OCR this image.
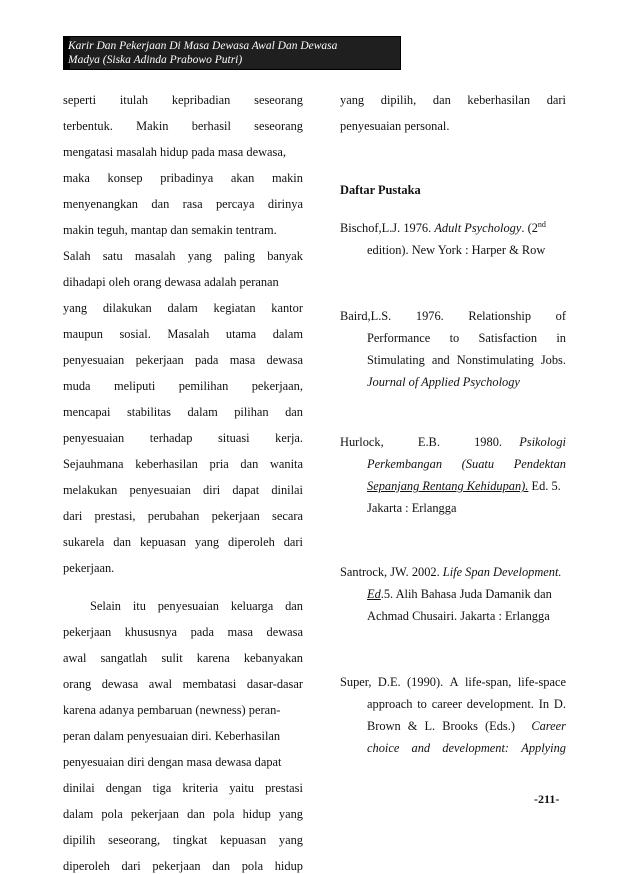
Karir Dan Pekerjaan Di Masa Dewasa Awal Dan Dewasa
Madya (Siska Adinda Prabowo Putri)
seperti itulah kepribadian seseorang
terbentuk. Makin berhasil seseorang
mengatasi masalah hidup pada masa dewasa,
maka konsep pribadinya akan makin
menyenangkan dan rasa percaya dirinya
makin teguh, mantap dan semakin tentram.
Salah satu masalah yang paling banyak
dihadapi oleh orang dewasa adalah peranan
yang dilakukan dalam kegiatan kantor
maupun sosial. Masalah utama dalam
penyesuaian pekerjaan pada masa dewasa
muda meliputi pemilihan pekerjaan,
mencapai stabilitas dalam pilihan dan
penyesuaian terhadap situasi kerja.
Sejauhmana keberhasilan pria dan wanita
melakukan penyesuaian diri dapat dinilai
dari prestasi, perubahan pekerjaan secara
sukarela dan kepuasan yang diperoleh dari
pekerjaan.
Selain itu penyesuaian keluarga dan
pekerjaan khususnya pada masa dewasa
awal sangatlah sulit karena kebanyakan
orang dewasa awal membatasi dasar-dasar
karena adanya pembaruan (newness) peran-
peran dalam penyesuaian diri. Keberhasilan
penyesuaian diri dengan masa dewasa dapat
dinilai dengan tiga kriteria yaitu prestasi
dalam pola pekerjaan dan pola hidup yang
dipilih seseorang, tingkat kepuasan yang
diperoleh dari pekerjaan dan pola hidup
yang dipilih, dan keberhasilan dari
penyesuaian personal.
Daftar Pustaka
Bischof,L.J. 1976. Adult Psychology. (2nd
edition). New York : Harper & Row
Baird,L.S. 1976. Relationship of
Performance to Satisfaction in
Stimulating and Nonstimulating Jobs.
Journal of Applied Psychology
Hurlock,	E.B.	1980. Psikologi
Perkembangan (Suatu Pendektan
Sepanjang Rentang Kehidupan). Ed. 5.
Jakarta : Erlangga
Santrock, JW. 2002. Life Span Development.
Ed.5. Alih Bahasa Juda Damanik dan
Achmad Chusairi. Jakarta : Erlangga
Super, D.E. (1990). A life-span, life-space
approach to career development. In D.
Brown & L. Brooks (Eds.) Career
choice and development: Applying
-211-
